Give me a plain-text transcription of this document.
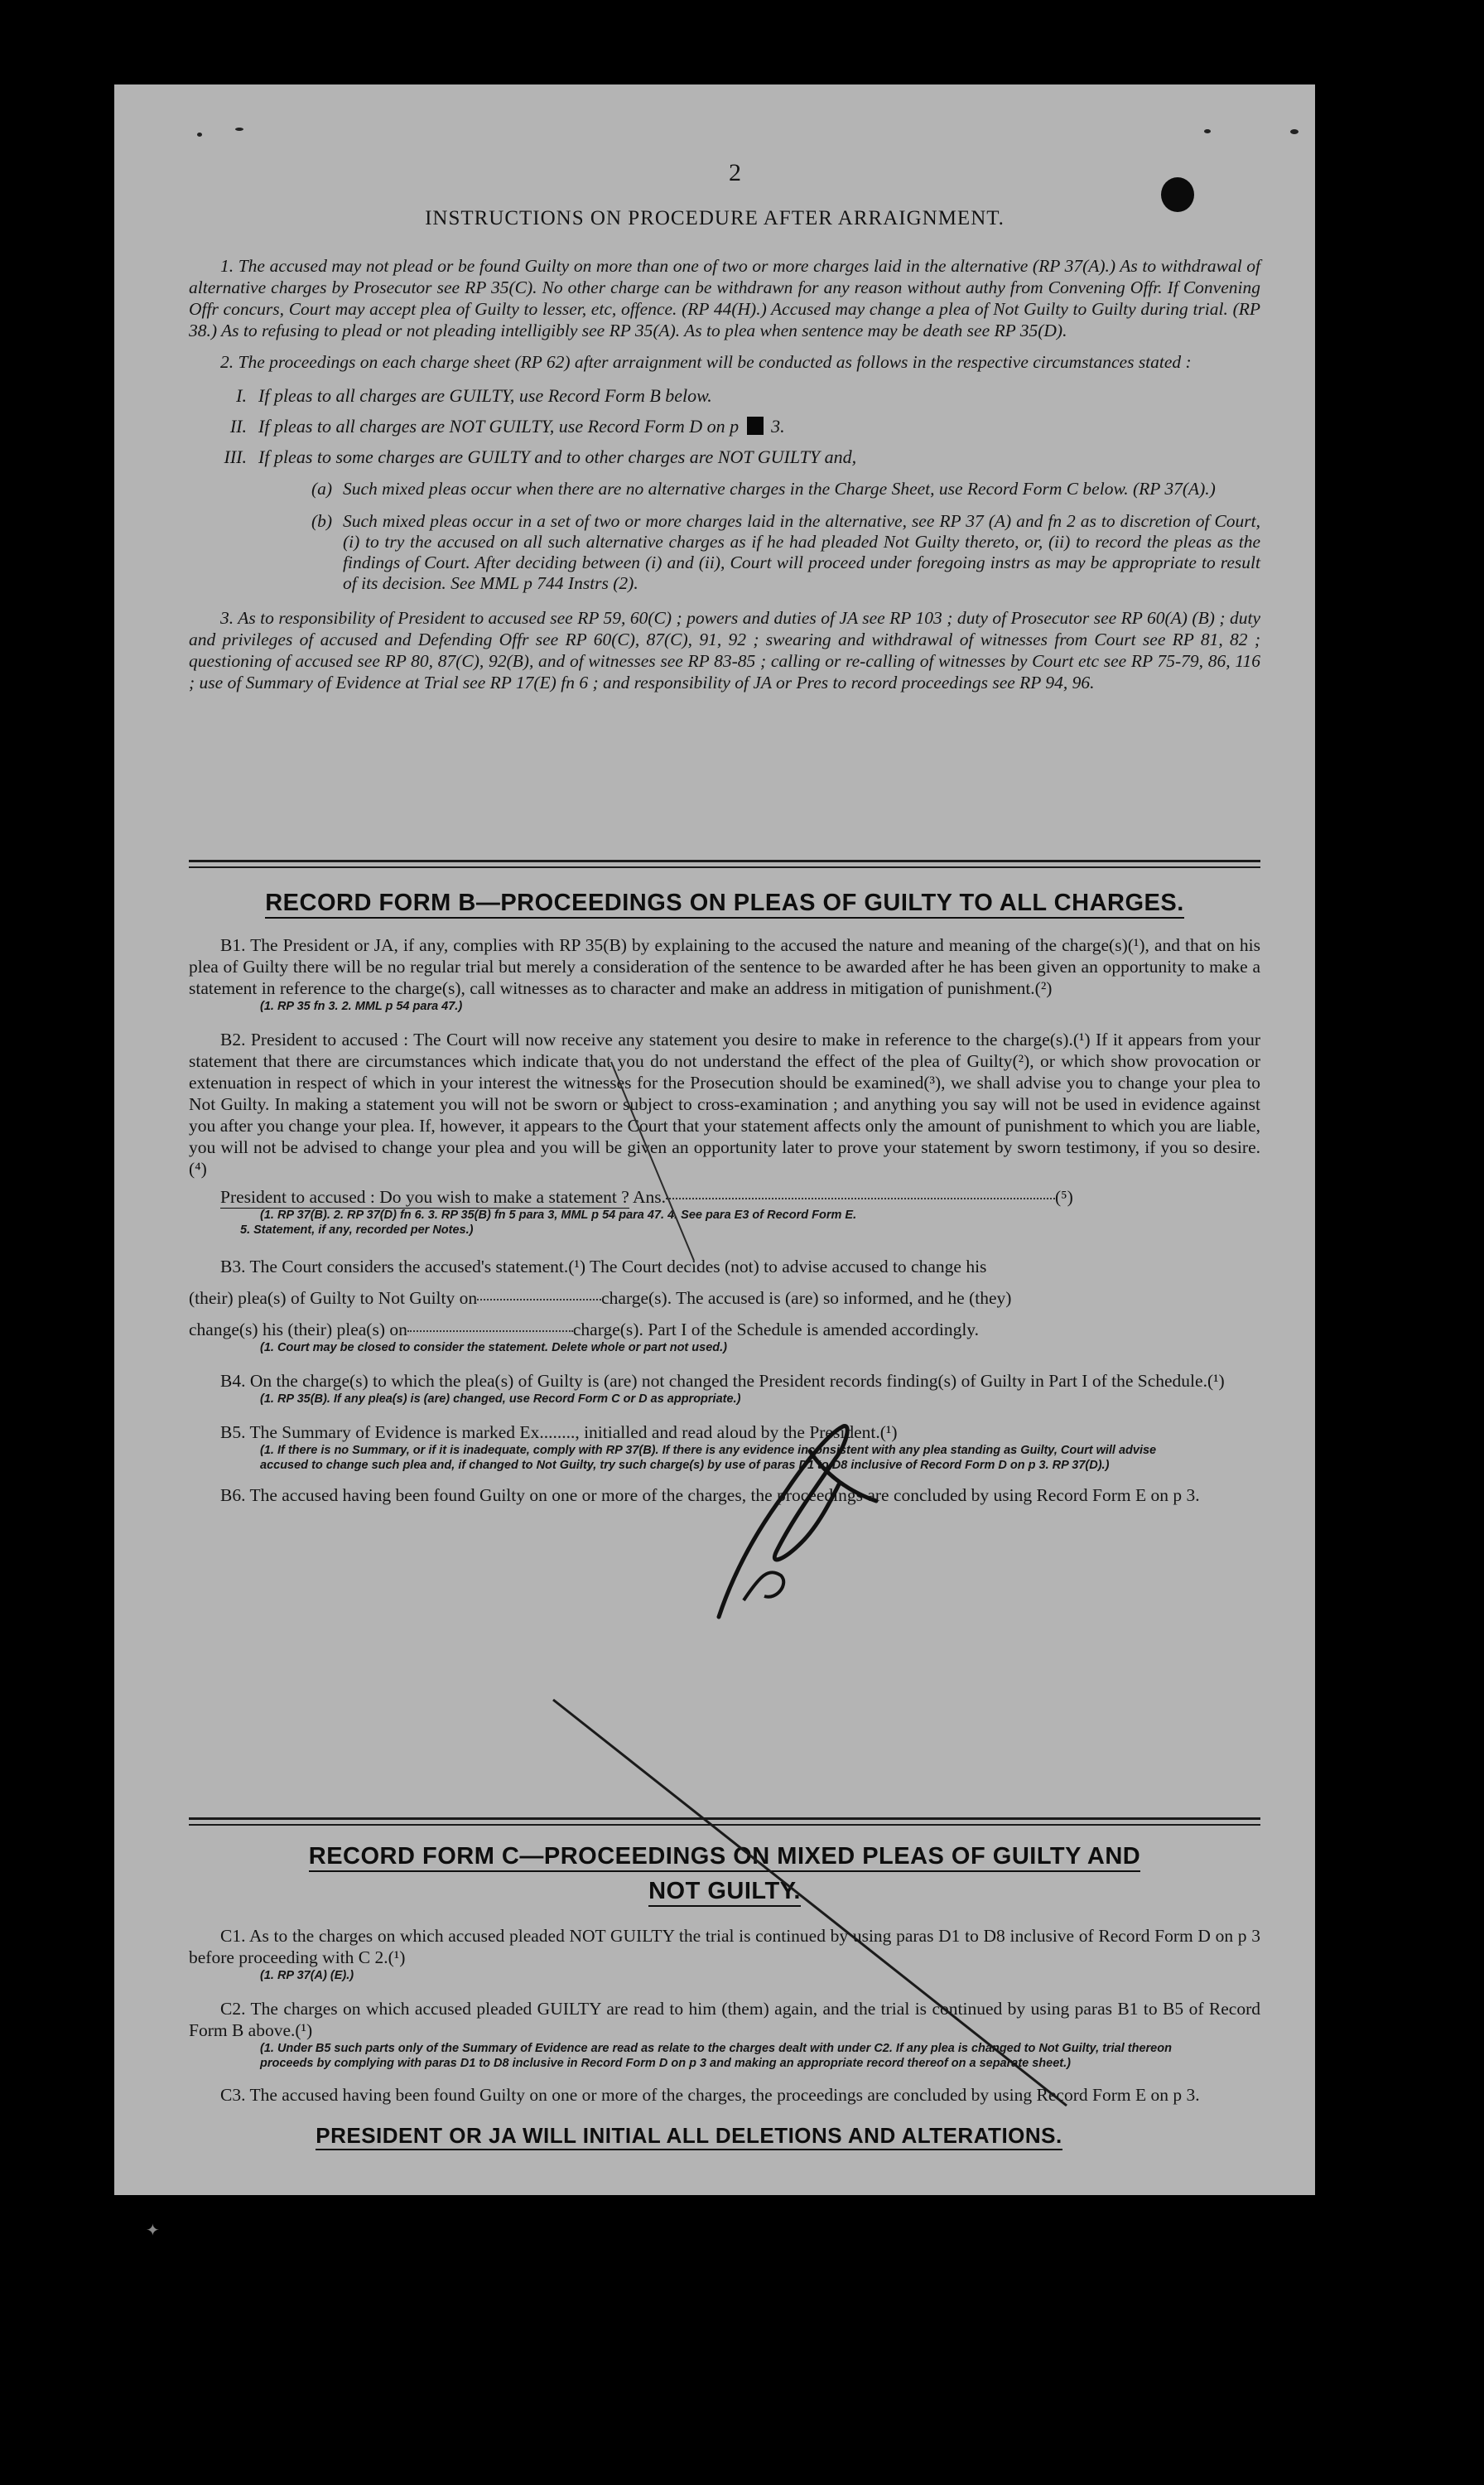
2
INSTRUCTIONS ON PROCEDURE AFTER ARRAIGNMENT.

1. The accused may not plead or be found Guilty on more than one of two or more charges laid in the alternative (RP 37(A).) As to withdrawal of alternative charges by Prosecutor see RP 35(C). No other charge can be withdrawn for any reason without authy from Convening Offr. If Convening Offr concurs, Court may accept plea of Guilty to lesser, etc, offence. (RP 44(H).) Accused may change a plea of Not Guilty to Guilty during trial. (RP 38.) As to refusing to plead or not pleading intelligibly see RP 35(A). As to plea when sentence may be death see RP 35(D).

2. The proceedings on each charge sheet (RP 62) after arraignment will be conducted as follows in the respective circumstances stated :

I. If pleas to all charges are GUILTY, use Record Form B below.

II. If pleas to all charges are NOT GUILTY, use Record Form D on p 3.

III. If pleas to some charges are GUILTY and to other charges are NOT GUILTY and,

(a) Such mixed pleas occur when there are no alternative charges in the Charge Sheet, use Record Form C below. (RP 37(A).)

(b) Such mixed pleas occur in a set of two or more charges laid in the alternative, see RP 37 (A) and fn 2 as to discretion of Court, (i) to try the accused on all such alternative charges as if he had pleaded Not Guilty thereto, or, (ii) to record the pleas as the findings of Court. After deciding between (i) and (ii), Court will proceed under foregoing instrs as may be appropriate to result of its decision. See MML p 744 Instrs (2).

3. As to responsibility of President to accused see RP 59, 60(C) ; powers and duties of JA see RP 103 ; duty of Prosecutor see RP 60(A) (B) ; duty and privileges of accused and Defending Offr see RP 60(C), 87(C), 91, 92 ; swearing and withdrawal of witnesses from Court see RP 81, 82 ; questioning of accused see RP 80, 87(C), 92(B), and of witnesses see RP 83-85 ; calling or re-calling of witnesses by Court etc see RP 75-79, 86, 116 ; use of Summary of Evidence at Trial see RP 17(E) fn 6 ; and responsibility of JA or Pres to record proceedings see RP 94, 96.

RECORD FORM B—PROCEEDINGS ON PLEAS OF GUILTY TO ALL CHARGES.

B1. The President or JA, if any, complies with RP 35(B) by explaining to the accused the nature and meaning of the charge(s)(¹), and that on his plea of Guilty there will be no regular trial but merely a consideration of the sentence to be awarded after he has been given an opportunity to make a statement in reference to the charge(s), call witnesses as to character and make an address in mitigation of punishment.(²)

(1. RP 35 fn 3. 2. MML p 54 para 47.)

B2. President to accused : The Court will now receive any statement you desire to make in reference to the charge(s).(¹) If it appears from your statement that there are circumstances which indicate that you do not understand the effect of the plea of Guilty(²), or which show provocation or extenuation in respect of which in your interest the witnesses for the Prosecution should be examined(³), we shall advise you to change your plea to Not Guilty. In making a statement you will not be sworn or subject to cross-examination ; and anything you say will not be used in evidence against you after you change your plea. If, however, it appears to the Court that your statement affects only the amount of punishment to which you are liable, you will not be advised to change your plea and you will be given an opportunity later to prove your statement by sworn testimony, if you so desire.(⁴)

President to accused : Do you wish to make a statement ? Ans.	(⁵)

(1. RP 37(B). 2. RP 37(D) fn 6. 3. RP 35(B) fn 5 para 3, MML p 54 para 47. 4. See para E3 of Record Form E.

5. Statement, if any, recorded per Notes.)

B3. The Court considers the accused's statement.(¹) The Court decides (not) to advise accused to change his

(their) plea(s) of Guilty to Not Guilty on	charge(s). The accused is (are) so informed, and he (they)

change(s) his (their) plea(s) on	charge(s). Part I of the Schedule is amended accordingly.

(1. Court may be closed to consider the statement. Delete whole or part not used.)

B4. On the charge(s) to which the plea(s) of Guilty is (are) not changed the President records finding(s) of Guilty in Part I of the Schedule.(¹)

(1. RP 35(B). If any plea(s) is (are) changed, use Record Form C or D as appropriate.)

B5. The Summary of Evidence is marked Ex........, initialled and read aloud by the President.(¹)

(1. If there is no Summary, or if it is inadequate, comply with RP 37(B). If there is any evidence inconsistent with any plea standing as Guilty, Court will advise accused to change such plea and, if changed to Not Guilty, try such charge(s) by use of paras D1 to D8 inclusive of Record Form D on p 3. RP 37(D).)

B6. The accused having been found Guilty on one or more of the charges, the proceedings are concluded by using Record Form E on p 3.

RECORD FORM C—PROCEEDINGS ON MIXED PLEAS OF GUILTY AND
NOT GUILTY.

C1. As to the charges on which accused pleaded NOT GUILTY the trial is continued by using paras D1 to D8 inclusive of Record Form D on p 3 before proceeding with C 2.(¹)

(1. RP 37(A) (E).)

C2. The charges on which accused pleaded GUILTY are read to him (them) again, and the trial is continued by using paras B1 to B5 of Record Form B above.(¹)

(1. Under B5 such parts only of the Summary of Evidence are read as relate to the charges dealt with under C2. If any plea is changed to Not Guilty, trial thereon proceeds by complying with paras D1 to D8 inclusive in Record Form D on p 3 and making an appropriate record thereof on a separate sheet.)

C3. The accused having been found Guilty on one or more of the charges, the proceedings are concluded by using Record Form E on p 3.

PRESIDENT OR JA WILL INITIAL ALL DELETIONS AND ALTERATIONS.
✦
